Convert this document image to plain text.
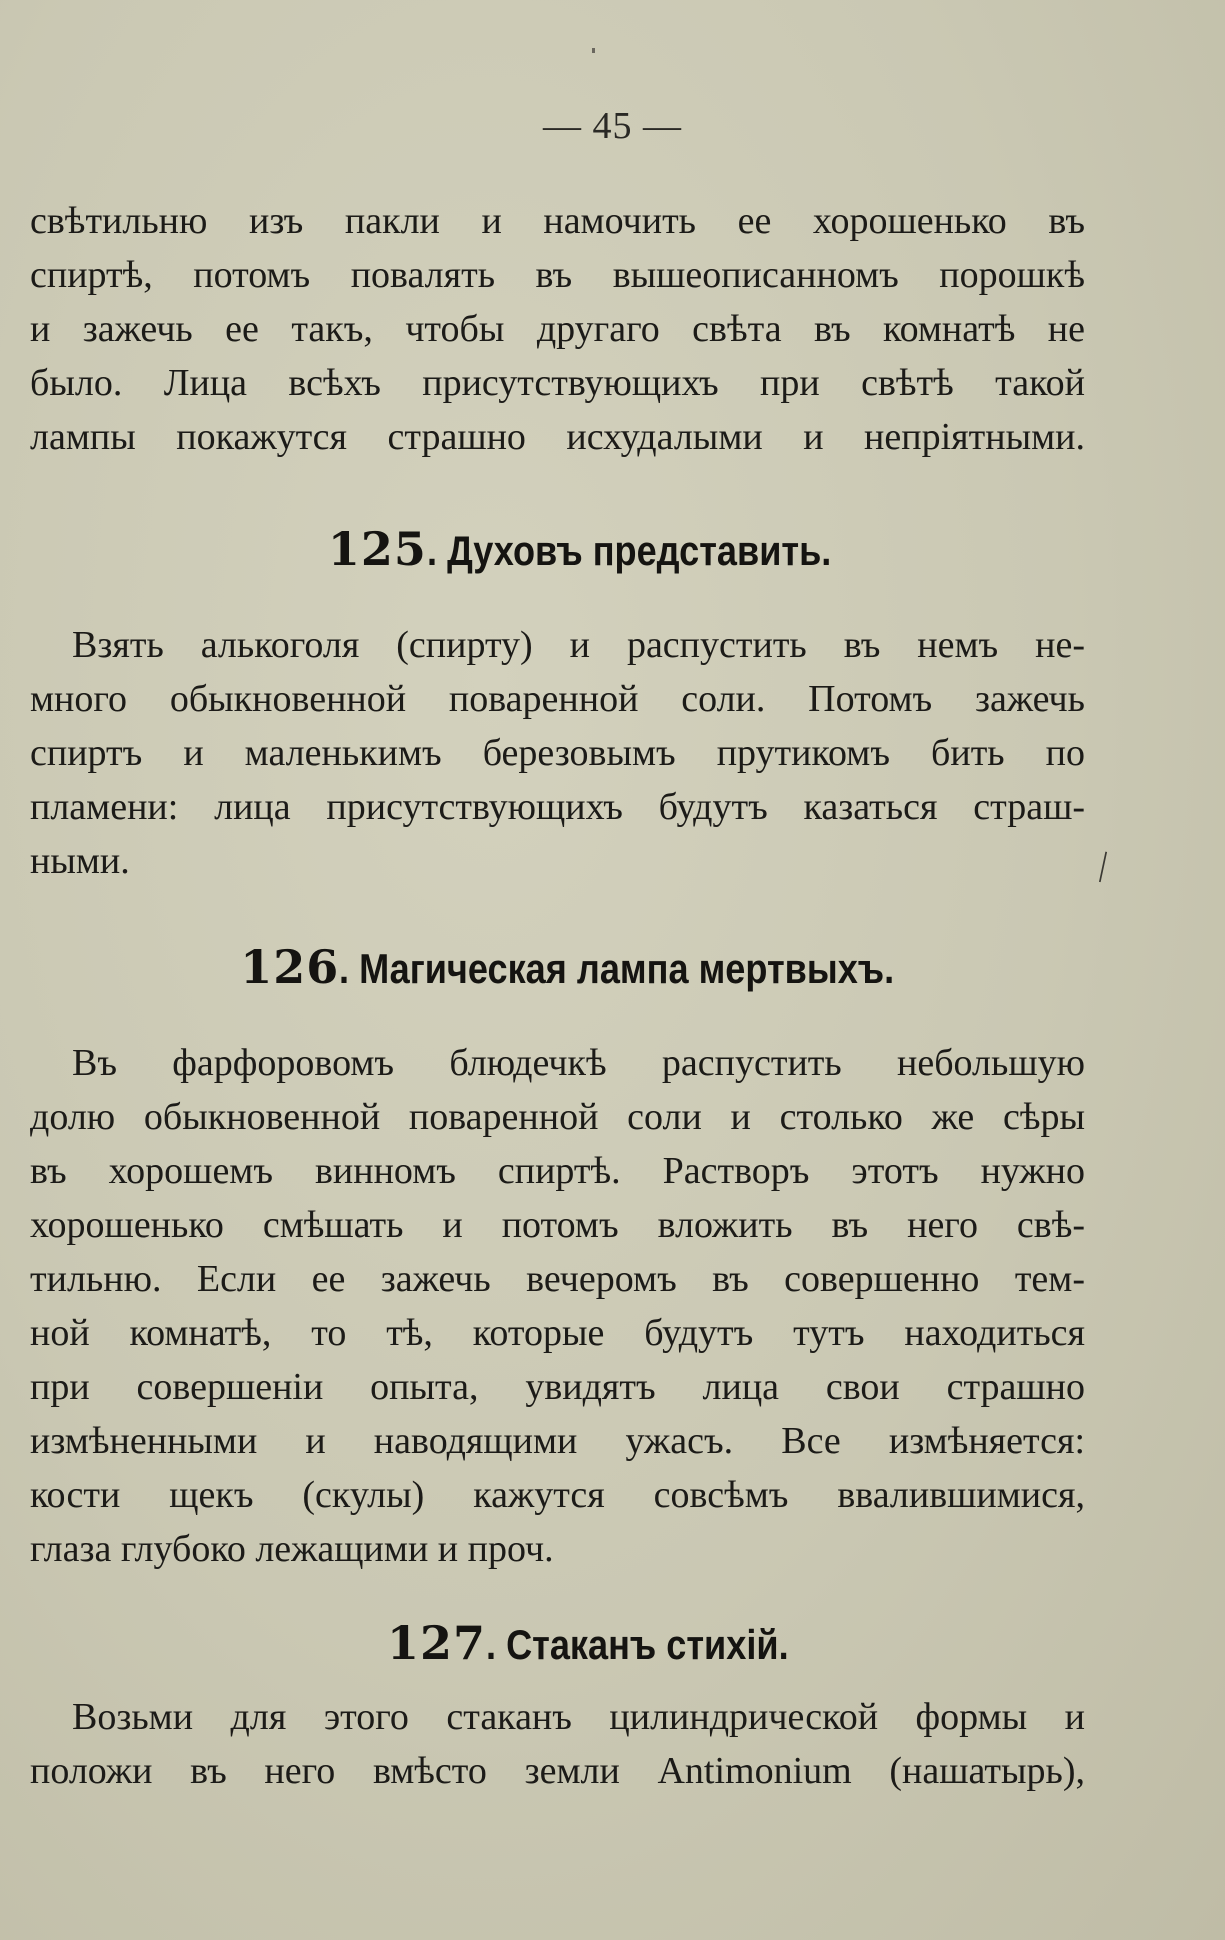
— 45 —
свѣтильню изъ пакли и намочить ее хорошенько въ
спиртѣ, потомъ повалять въ вышеописанномъ порошкѣ
и зажечь ее такъ, чтобы другаго свѣта въ комнатѣ не
было. Лица всѣхъ присутствующихъ при свѣтѣ такой
лампы покажутся страшно исхудалыми и непріятными.
125. Духовъ представить.
Взять алькоголя (спирту) и распустить въ немъ не-
много обыкновенной поваренной соли. Потомъ зажечь
спиртъ и маленькимъ березовымъ прутикомъ бить по
пламени: лица присутствующихъ будутъ казаться страш-
ными.
126. Магическая лампа мертвыхъ.
Въ фарфоровомъ блюдечкѣ распустить небольшую
долю обыкновенной поваренной соли и столько же сѣры
въ хорошемъ винномъ спиртѣ. Растворъ этотъ нужно
хорошенько смѣшать и потомъ вложить въ него свѣ-
тильню. Если ее зажечь вечеромъ въ совершенно тем-
ной комнатѣ, то тѣ, которые будутъ тутъ находиться
при совершеніи опыта, увидятъ лица свои страшно
измѣненными и наводящими ужасъ. Все измѣняется:
кости щекъ (скулы) кажутся совсѣмъ ввалившимися,
глаза глубоко лежащими и проч.
127. Стаканъ стихій.
Возьми для этого стаканъ цилиндрической формы и
положи въ него вмѣсто земли Antimonium (нашатырь),
|
